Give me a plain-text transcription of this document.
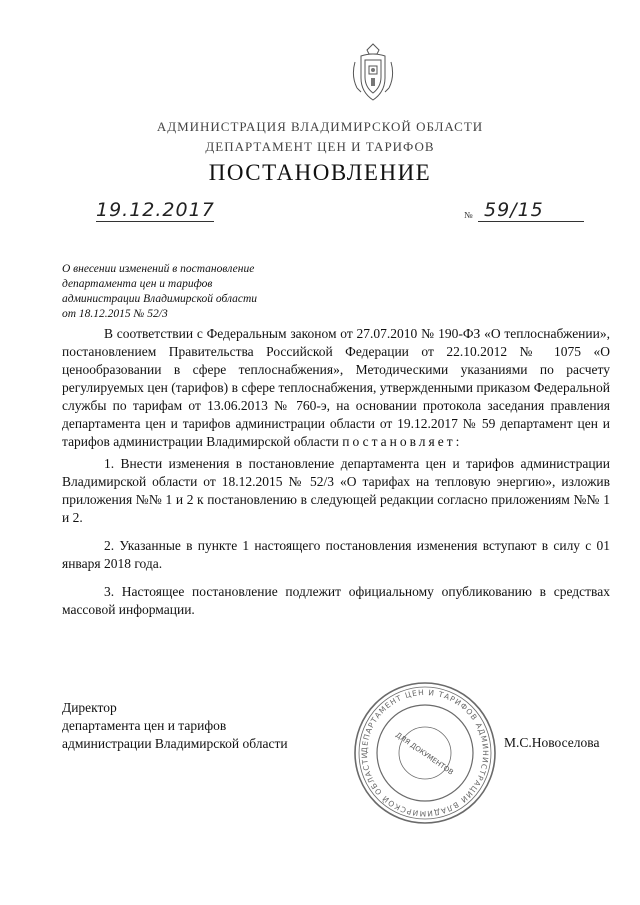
АДМИНИСТРАЦИЯ ВЛАДИМИРСКОЙ ОБЛАСТИ
ДЕПАРТАМЕНТ ЦЕН И ТАРИФОВ
ПОСТАНОВЛЕНИЕ
19.12.2017	№ 59/15
О внесении изменений в постановление
департамента цен и тарифов
администрации Владимирской области
от 18.12.2015 № 52/3

В соответствии с Федеральным законом от 27.07.2010 № 190-ФЗ «О теплоснабжении», постановлением Правительства Российской Федерации от 22.10.2012 № 1075 «О ценообразовании в сфере теплоснабжения», Методическими указаниями по расчету регулируемых цен (тарифов) в сфере теплоснабжения, утвержденными приказом Федеральной службы по тарифам от 13.06.2013 № 760-э, на основании протокола заседания правления департамента цен и тарифов администрации области от 19.12.2017 № 59 департамент цен и тарифов администрации Владимирской области постановляет:

1. Внести изменения в постановление департамента цен и тарифов администрации Владимирской области от 18.12.2015 № 52/3 «О тарифах на тепловую энергию», изложив приложения №№ 1 и 2 к постановлению в следующей редакции согласно приложениям №№ 1 и 2.

2. Указанные в пункте 1 настоящего постановления изменения вступают в силу с 01 января 2018 года.

3. Настоящее постановление подлежит официальному опубликованию в средствах массовой информации.

Директор
департамента цен и тарифов
администрации Владимирской области	ДЕПАРТАМЕНТ ЦЕН И ТАРИФОВ АДМИНИСТРАЦИИ ВЛАДИМИРСКОЙ ОБЛАСТИ	ДЛЯ ДОКУМЕНТОВ	М.С.Новоселова
